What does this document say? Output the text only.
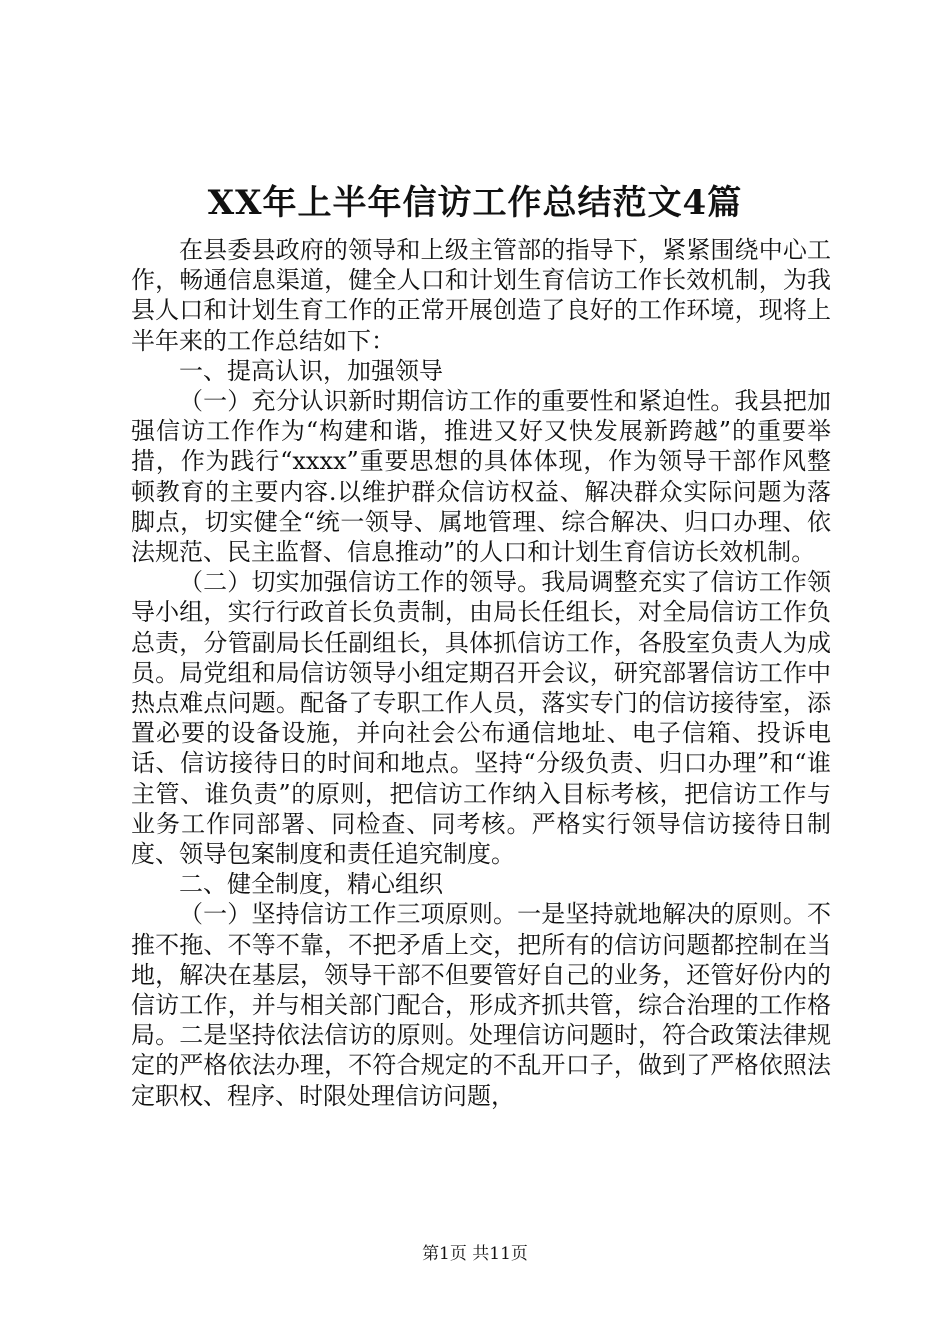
XX年上半年信访工作总结范文4篇

在县委县政府的领导和上级主管部的指导下，紧紧围绕中心工作，畅通信息渠道，健全人口和计划生育信访工作长效机制，为我县人口和计划生育工作的正常开展创造了良好的工作环境，现将上半年来的工作总结如下：

一、提高认识，加强领导

（一）充分认识新时期信访工作的重要性和紧迫性。我县把加强信访工作作为“构建和谐，推进又好又快发展新跨越”的重要举措，作为践行“xxxx”重要思想的具体体现，作为领导干部作风整顿教育的主要内容.以维护群众信访权益、解决群众实际问题为落脚点，切实健全“统一领导、属地管理、综合解决、归口办理、依法规范、民主监督、信息推动”的人口和计划生育信访长效机制。

（二）切实加强信访工作的领导。我局调整充实了信访工作领导小组，实行行政首长负责制，由局长任组长，对全局信访工作负总责，分管副局长任副组长，具体抓信访工作，各股室负责人为成员。局党组和局信访领导小组定期召开会议，研究部署信访工作中热点难点问题。配备了专职工作人员，落实专门的信访接待室，添置必要的设备设施，并向社会公布通信地址、电子信箱、投诉电话、信访接待日的时间和地点。坚持“分级负责、归口办理”和“谁主管、谁负责”的原则，把信访工作纳入目标考核，把信访工作与业务工作同部署、同检查、同考核。严格实行领导信访接待日制度、领导包案制度和责任追究制度。

二、健全制度，精心组织

（一）坚持信访工作三项原则。一是坚持就地解决的原则。不推不拖、不等不靠，不把矛盾上交，把所有的信访问题都控制在当地，解决在基层，领导干部不但要管好自己的业务，还管好份内的信访工作，并与相关部门配合，形成齐抓共管，综合治理的工作格局。二是坚持依法信访的原则。处理信访问题时，符合政策法律规定的严格依法办理，不符合规定的不乱开口子，做到了严格依照法定职权、程序、时限处理信访问题，

第1页 共11页
